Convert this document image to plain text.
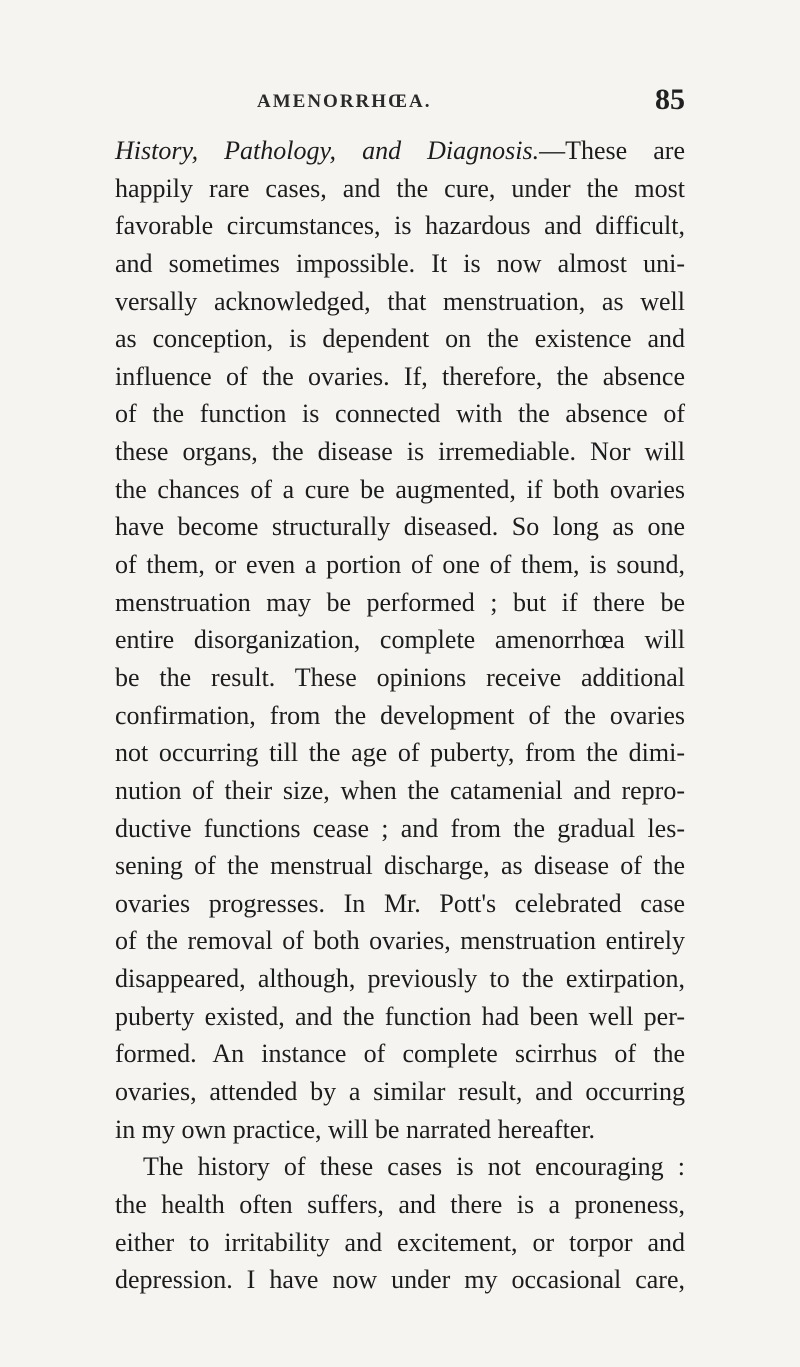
AMENORRHŒA.	85
History, Pathology, and Diagnosis.—These are
happily rare cases, and the cure, under the most
favorable circumstances, is hazardous and difficult,
and sometimes impossible. It is now almost uni-
versally acknowledged, that menstruation, as well
as conception, is dependent on the existence and
influence of the ovaries. If, therefore, the absence
of the function is connected with the absence of
these organs, the disease is irremediable. Nor will
the chances of a cure be augmented, if both ovaries
have become structurally diseased. So long as one
of them, or even a portion of one of them, is sound,
menstruation may be performed ; but if there be
entire disorganization, complete amenorrhœa will
be the result. These opinions receive additional
confirmation, from the development of the ovaries
not occurring till the age of puberty, from the dimi-
nution of their size, when the catamenial and repro-
ductive functions cease ; and from the gradual les-
sening of the menstrual discharge, as disease of the
ovaries progresses. In Mr. Pott's celebrated case
of the removal of both ovaries, menstruation entirely
disappeared, although, previously to the extirpation,
puberty existed, and the function had been well per-
formed. An instance of complete scirrhus of the
ovaries, attended by a similar result, and occurring
in my own practice, will be narrated hereafter.
The history of these cases is not encouraging :
the health often suffers, and there is a proneness,
either to irritability and excitement, or torpor and
depression. I have now under my occasional care,
